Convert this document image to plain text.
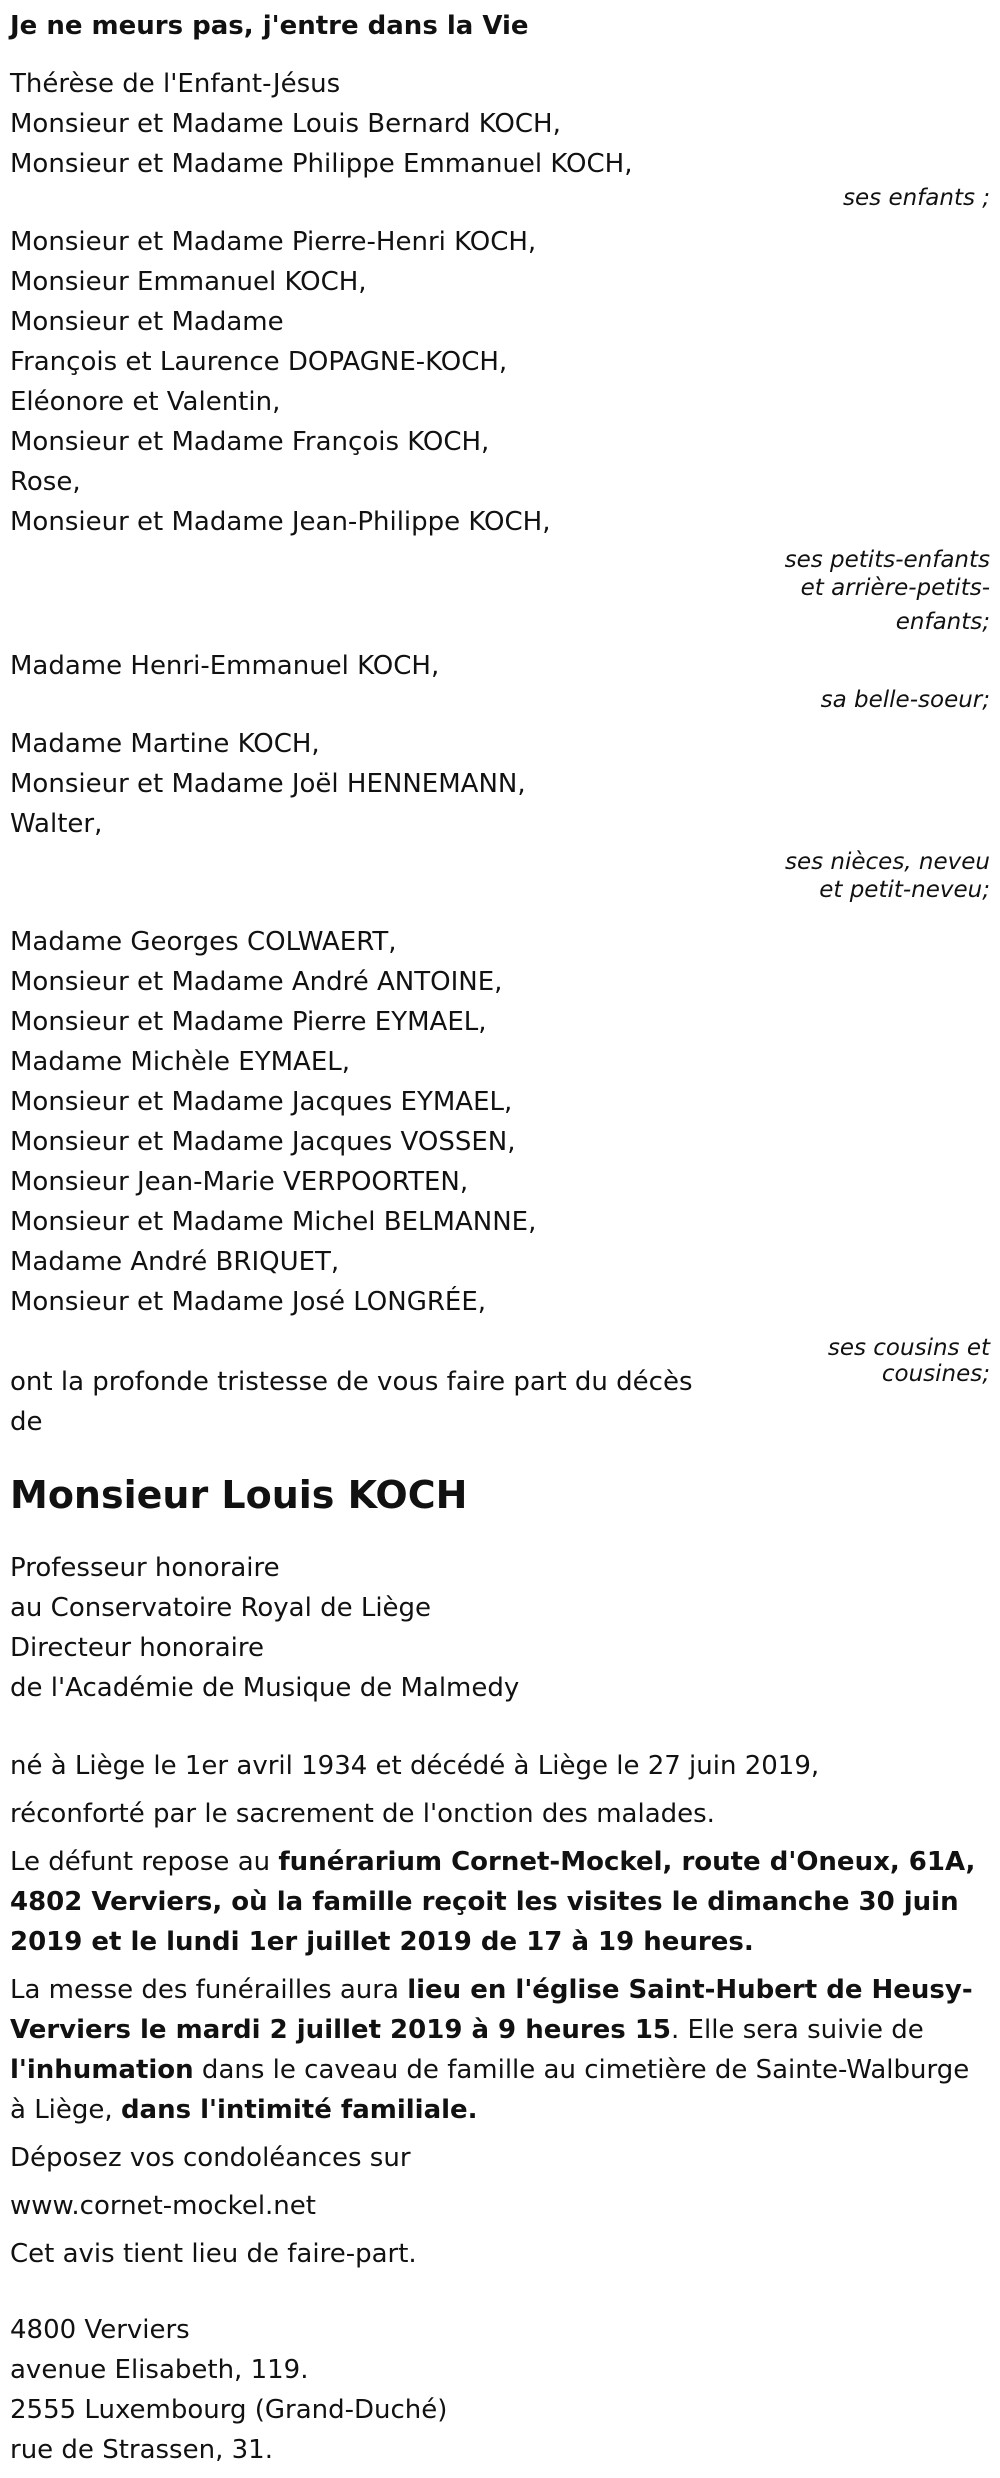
Je ne meurs pas, j'entre dans la Vie
Thérèse de l'Enfant-Jésus
Monsieur et Madame Louis Bernard KOCH,
Monsieur et Madame Philippe Emmanuel KOCH,
ses enfants ;
Monsieur et Madame Pierre-Henri KOCH,
Monsieur Emmanuel KOCH,
Monsieur et Madame
François et Laurence DOPAGNE-KOCH,
Eléonore et Valentin,
Monsieur et Madame François KOCH,
Rose,
Monsieur et Madame Jean-Philippe KOCH,
ses petits-enfants
et arrière-petits-
enfants;
Madame Henri-Emmanuel KOCH,
sa belle-soeur;
Madame Martine KOCH,
Monsieur et Madame Joël HENNEMANN,
Walter,
ses nièces, neveu
et petit-neveu;
Madame Georges COLWAERT,
Monsieur et Madame André ANTOINE,
Monsieur et Madame Pierre EYMAEL,
Madame Michèle EYMAEL,
Monsieur et Madame Jacques EYMAEL,
Monsieur et Madame Jacques VOSSEN,
Monsieur Jean-Marie VERPOORTEN,
Monsieur et Madame Michel BELMANNE,
Madame André BRIQUET,
Monsieur et Madame José LONGRÉE,
ses cousins et
ont la profonde tristesse de vous faire part du décès de
cousines;
Monsieur Louis KOCH
Professeur honoraire
au Conservatoire Royal de Liège
Directeur honoraire
de l'Académie de Musique de Malmedy
né à Liège le 1er avril 1934 et décédé à Liège le 27 juin 2019,
réconforté par le sacrement de l'onction des malades.
Le défunt repose au funérarium Cornet-Mockel, route d'Oneux, 61A, 4802 Verviers, où la famille reçoit les visites le dimanche 30 juin 2019 et le lundi 1er juillet 2019 de 17 à 19 heures.
La messe des funérailles aura lieu en l'église Saint-Hubert de Heusy-Verviers le mardi 2 juillet 2019 à 9 heures 15. Elle sera suivie de l'inhumation dans le caveau de famille au cimetière de Sainte-Walburge à Liège, dans l'intimité familiale.
Déposez vos condoléances sur
www.cornet-mockel.net
Cet avis tient lieu de faire-part.
4800 Verviers
avenue Elisabeth, 119.
2555 Luxembourg (Grand-Duché)
rue de Strassen, 31.
